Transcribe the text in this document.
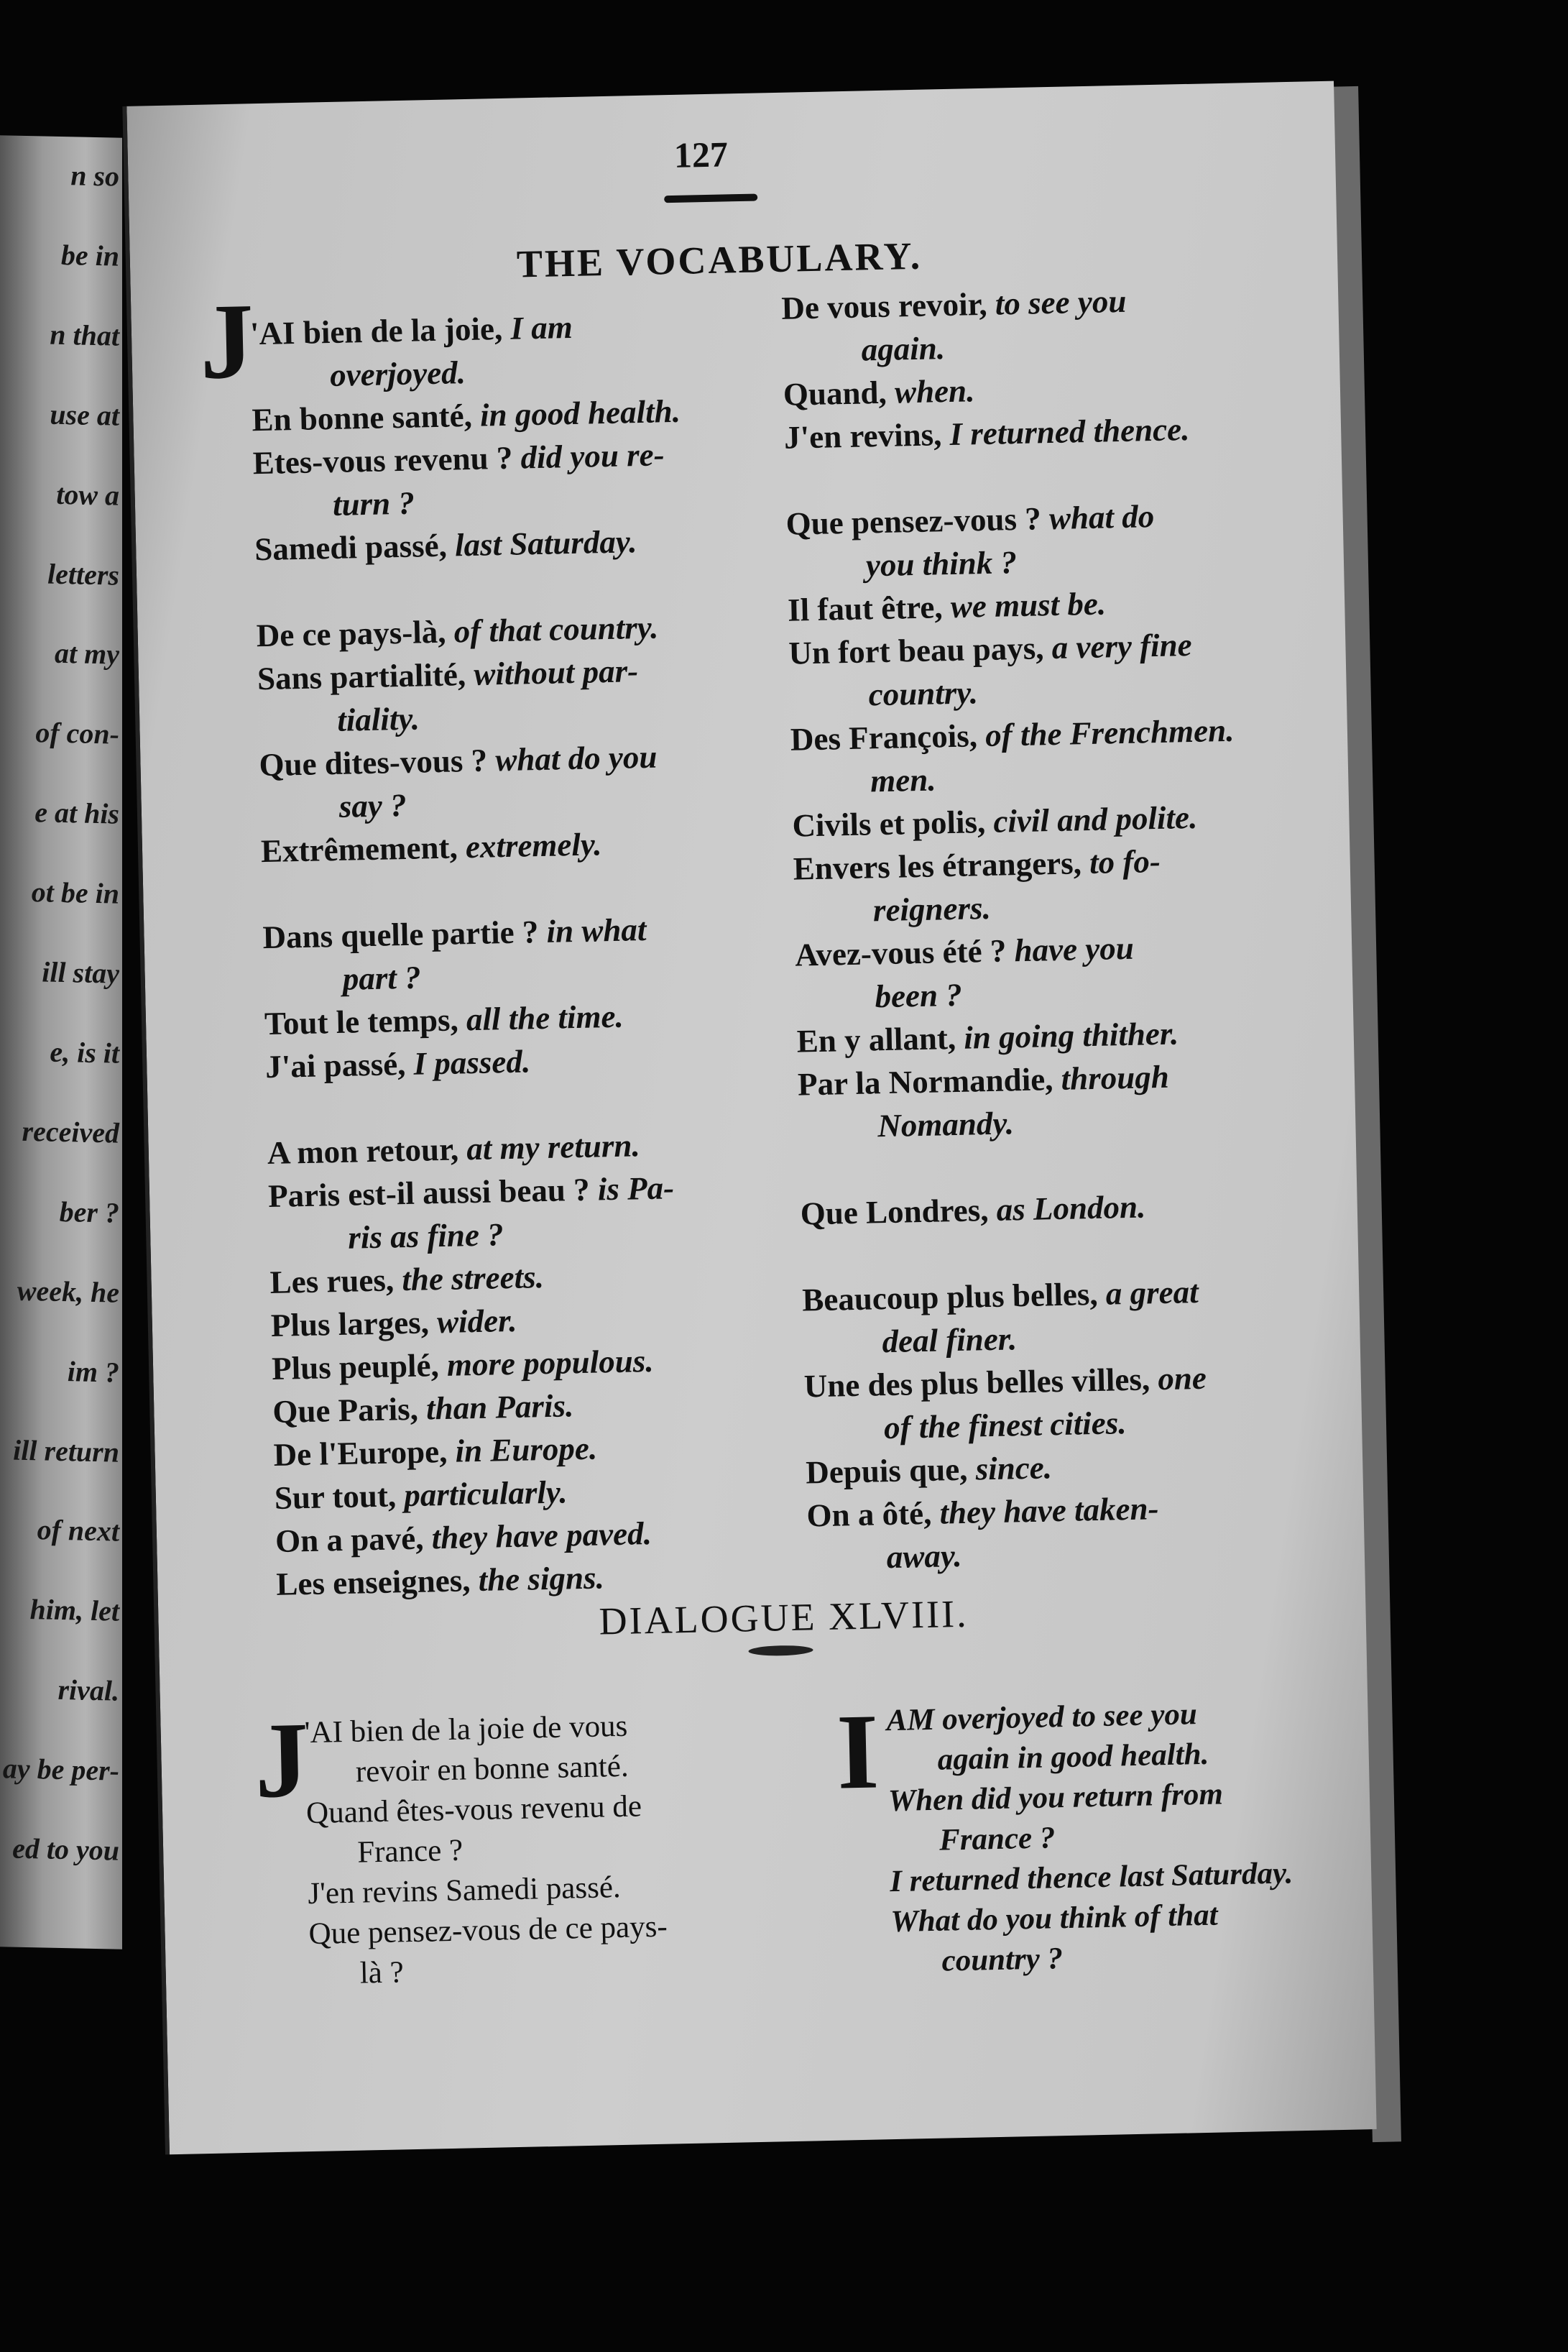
n so
be in
n that
use at
tow a
letters
at my
of con-
e at his
ot be in
ill stay
e, is it
received
ber ?
week, he
im ?
ill return
of next
him, let
rival.
ay be per-
ed to you
127
THE VOCABULARY.
J
'AI bien de la joie, I am
overjoyed.
En bonne santé, in good health.
Etes-vous revenu ? did you re-
turn ?
Samedi passé, last Saturday.
De ce pays-là, of that country.
Sans partialité, without par-
tiality.
Que dites-vous ? what do you
say ?
Extrêmement, extremely.
Dans quelle partie ? in what
part ?
Tout le temps, all the time.
J'ai passé, I passed.
A mon retour, at my return.
Paris est-il aussi beau ? is Pa-
ris as fine ?
Les rues, the streets.
Plus larges, wider.
Plus peuplé, more populous.
Que Paris, than Paris.
De l'Europe, in Europe.
Sur tout, particularly.
On a pavé, they have paved.
Les enseignes, the signs.
De vous revoir, to see you
again.
Quand, when.
J'en revins, I returned thence.
Que pensez-vous ? what do
you think ?
Il faut être, we must be.
Un fort beau pays, a very fine
country.
Des François, of the Frenchmen.
men.
Civils et polis, civil and polite.
Envers les étrangers, to fo-
reigners.
Avez-vous été ? have you
been ?
En y allant, in going thither.
Par la Normandie, through
Nomandy.
Que Londres, as London.
Beaucoup plus belles, a great
deal finer.
Une des plus belles villes, one
of the finest cities.
Depuis que, since.
On a ôté, they have taken-
away.
DIALOGUE XLVIII.
J
'AI bien de la joie de vous
revoir en bonne santé.
Quand êtes-vous revenu de
France ?
J'en revins Samedi passé.
Que pensez-vous de ce pays-
là ?
I AM overjoyed to see you
again in good health.
When did you return from
France ?
I returned thence last Saturday.
What do you think of that
country ?
